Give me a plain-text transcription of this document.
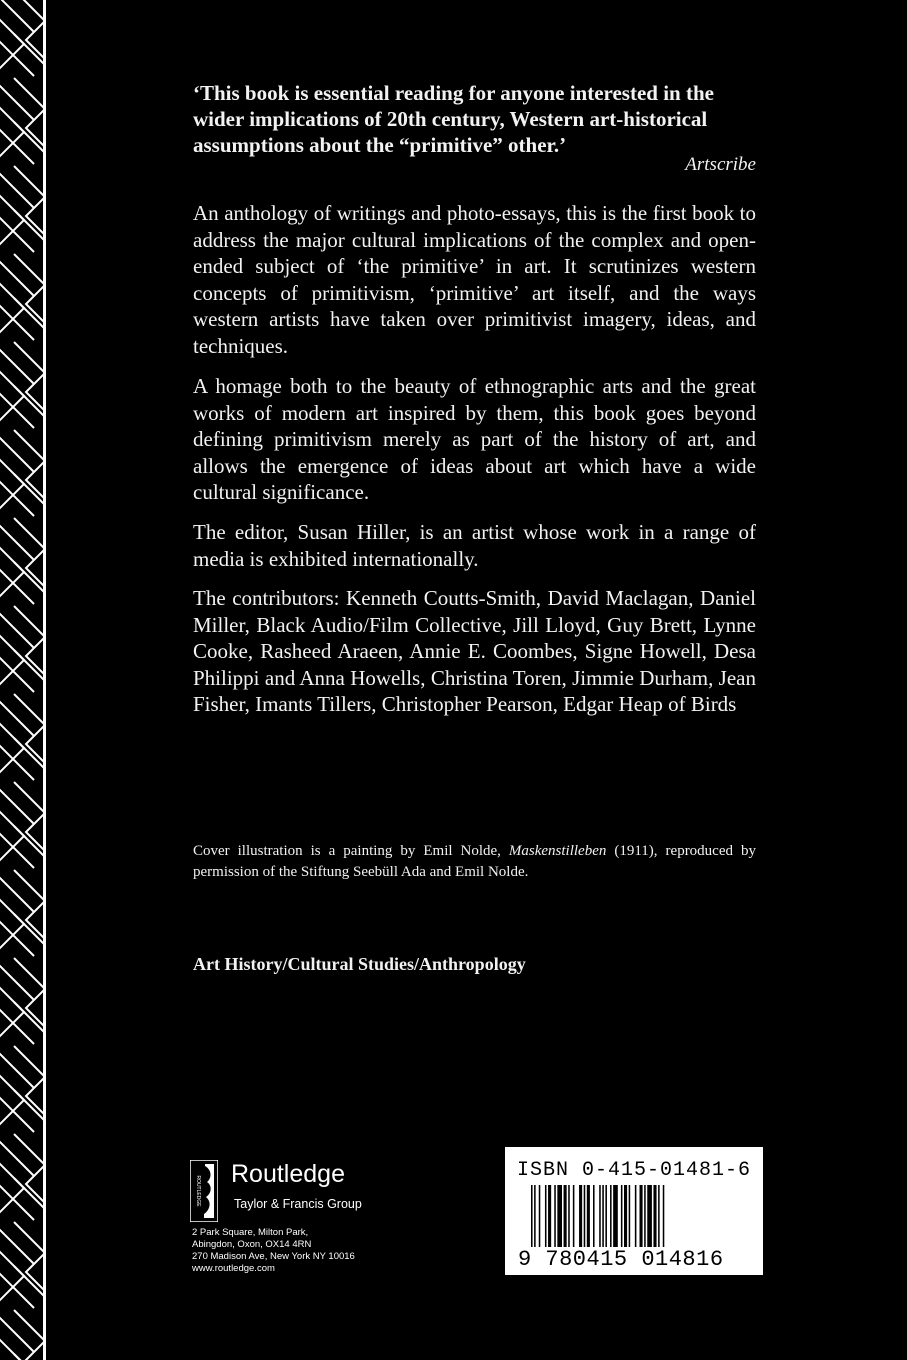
‘This book is essential reading for anyone interested in the wider implications of 20th century, Western art-historical assumptions about the “primitive” other.’
Artscribe

An anthology of writings and photo-essays, this is the first book to address the major cultural implications of the complex and open-ended subject of ‘the primitive’ in art. It scrutinizes western concepts of primitivism, ‘primitive’ art itself, and the ways western artists have taken over primitivist imagery, ideas, and techniques.

A homage both to the beauty of ethnographic arts and the great works of modern art inspired by them, this book goes beyond defining primitivism merely as part of the history of art, and allows the emergence of ideas about art which have a wide cultural significance.

The editor, Susan Hiller, is an artist whose work in a range of media is exhibited internationally.

The contributors: Kenneth Coutts-Smith, David Maclagan, Daniel Miller, Black Audio/Film Collective, Jill Lloyd, Guy Brett, Lynne Cooke, Rasheed Araeen, Annie E. Coombes, Signe Howell, Desa Philippi and Anna Howells, Christina Toren, Jimmie Durham, Jean Fisher, Imants Tillers, Christopher Pearson, Edgar Heap of Birds

Cover illustration is a painting by Emil Nolde, Maskenstilleben (1911), reproduced by permission of the Stiftung Seebüll Ada and Emil Nolde.

Art History/Cultural Studies/Anthropology
ROUTLEDGE
Routledge
Taylor & Francis Group
2 Park Square, Milton Park,
Abingdon, Oxon, OX14 4RN
270 Madison Ave, New York NY 10016
www.routledge.com
ISBN 0-415-01481-6
9 780415 014816
